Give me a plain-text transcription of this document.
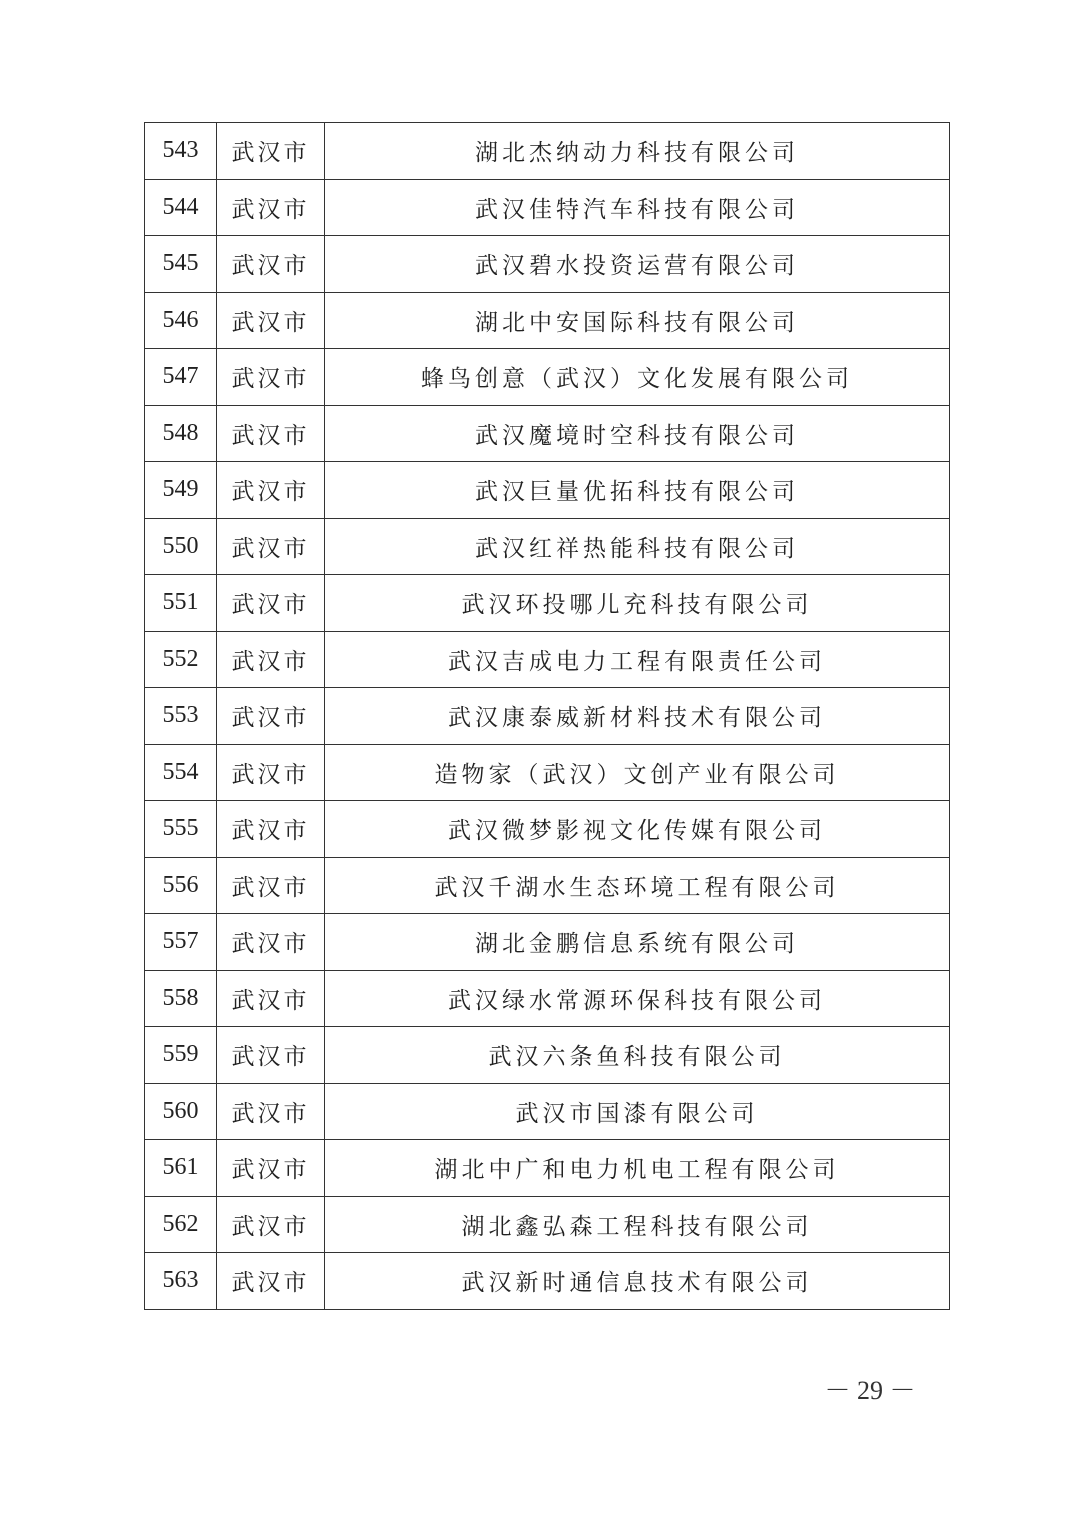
543	武汉市	湖北杰纳动力科技有限公司
544	武汉市	武汉佳特汽车科技有限公司
545	武汉市	武汉碧水投资运营有限公司
546	武汉市	湖北中安国际科技有限公司
547	武汉市	蜂鸟创意（武汉）文化发展有限公司
548	武汉市	武汉魔境时空科技有限公司
549	武汉市	武汉巨量优拓科技有限公司
550	武汉市	武汉红祥热能科技有限公司
551	武汉市	武汉环投哪儿充科技有限公司
552	武汉市	武汉吉成电力工程有限责任公司
553	武汉市	武汉康泰威新材料技术有限公司
554	武汉市	造物家（武汉）文创产业有限公司
555	武汉市	武汉微梦影视文化传媒有限公司
556	武汉市	武汉千湖水生态环境工程有限公司
557	武汉市	湖北金鹏信息系统有限公司
558	武汉市	武汉绿水常源环保科技有限公司
559	武汉市	武汉六条鱼科技有限公司
560	武汉市	武汉市国漆有限公司
561	武汉市	湖北中广和电力机电工程有限公司
562	武汉市	湖北鑫弘森工程科技有限公司
563	武汉市	武汉新时通信息技术有限公司
－ 29 －
